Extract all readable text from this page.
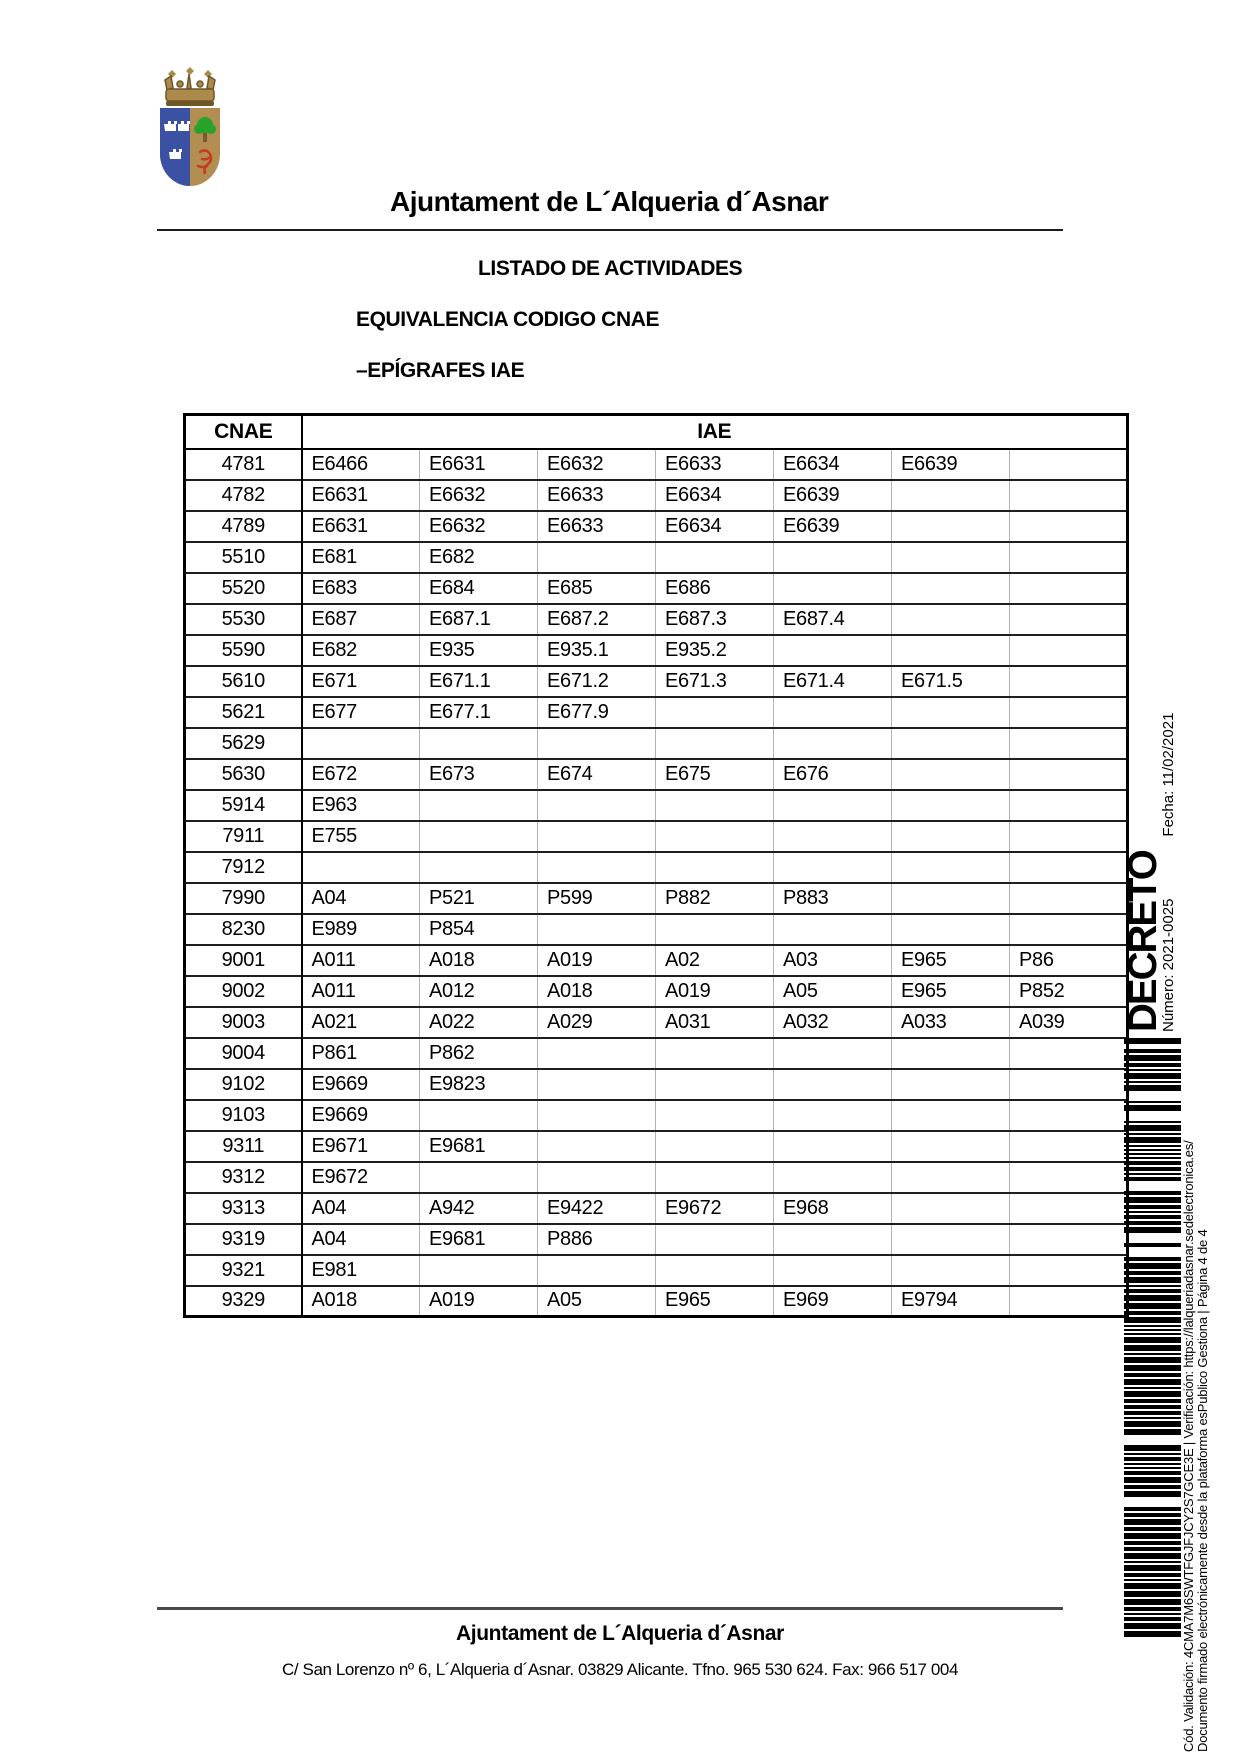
Ajuntament de L´Alqueria d´Asnar
LISTADO DE ACTIVIDADES
EQUIVALENCIA CODIGO CNAE
–EPÍGRAFES IAE
CNAE	IAE						
4781	E6466	E6631	E6632	E6633	E6634	E6639	
4782	E6631	E6632	E6633	E6634	E6639		
4789	E6631	E6632	E6633	E6634	E6639		
5510	E681	E682					
5520	E683	E684	E685	E686			
5530	E687	E687.1	E687.2	E687.3	E687.4		
5590	E682	E935	E935.1	E935.2			
5610	E671	E671.1	E671.2	E671.3	E671.4	E671.5	
5621	E677	E677.1	E677.9				
5629							
5630	E672	E673	E674	E675	E676		
5914	E963						
7911	E755						
7912							
7990	A04	P521	P599	P882	P883		
8230	E989	P854					
9001	A011	A018	A019	A02	A03	E965	P86
9002	A011	A012	A018	A019	A05	E965	P852
9003	A021	A022	A029	A031	A032	A033	A039
9004	P861	P862					
9102	E9669	E9823					
9103	E9669						
9311	E9671	E9681					
9312	E9672						
9313	A04	A942	E9422	E9672	E968		
9319	A04	E9681	P886				
9321	E981						
9329	A018	A019	A05	E965	E969	E9794	
DECRETO
Número: 2021-0025Fecha: 11/02/2021
Cód. Validación: 4CMA7M6SWTFGJFJCY2S7GCE3E | Verificación: https://lalqueriadasnar.sedelectronica.es/ Documento firmado electrónicamente desde la plataforma esPublico Gestiona | Página 4 de 4
Ajuntament de L´Alqueria d´Asnar
C/ San Lorenzo nº 6, L´Alqueria d´Asnar. 03829 Alicante. Tfno. 965 530 624. Fax: 966 517 004
